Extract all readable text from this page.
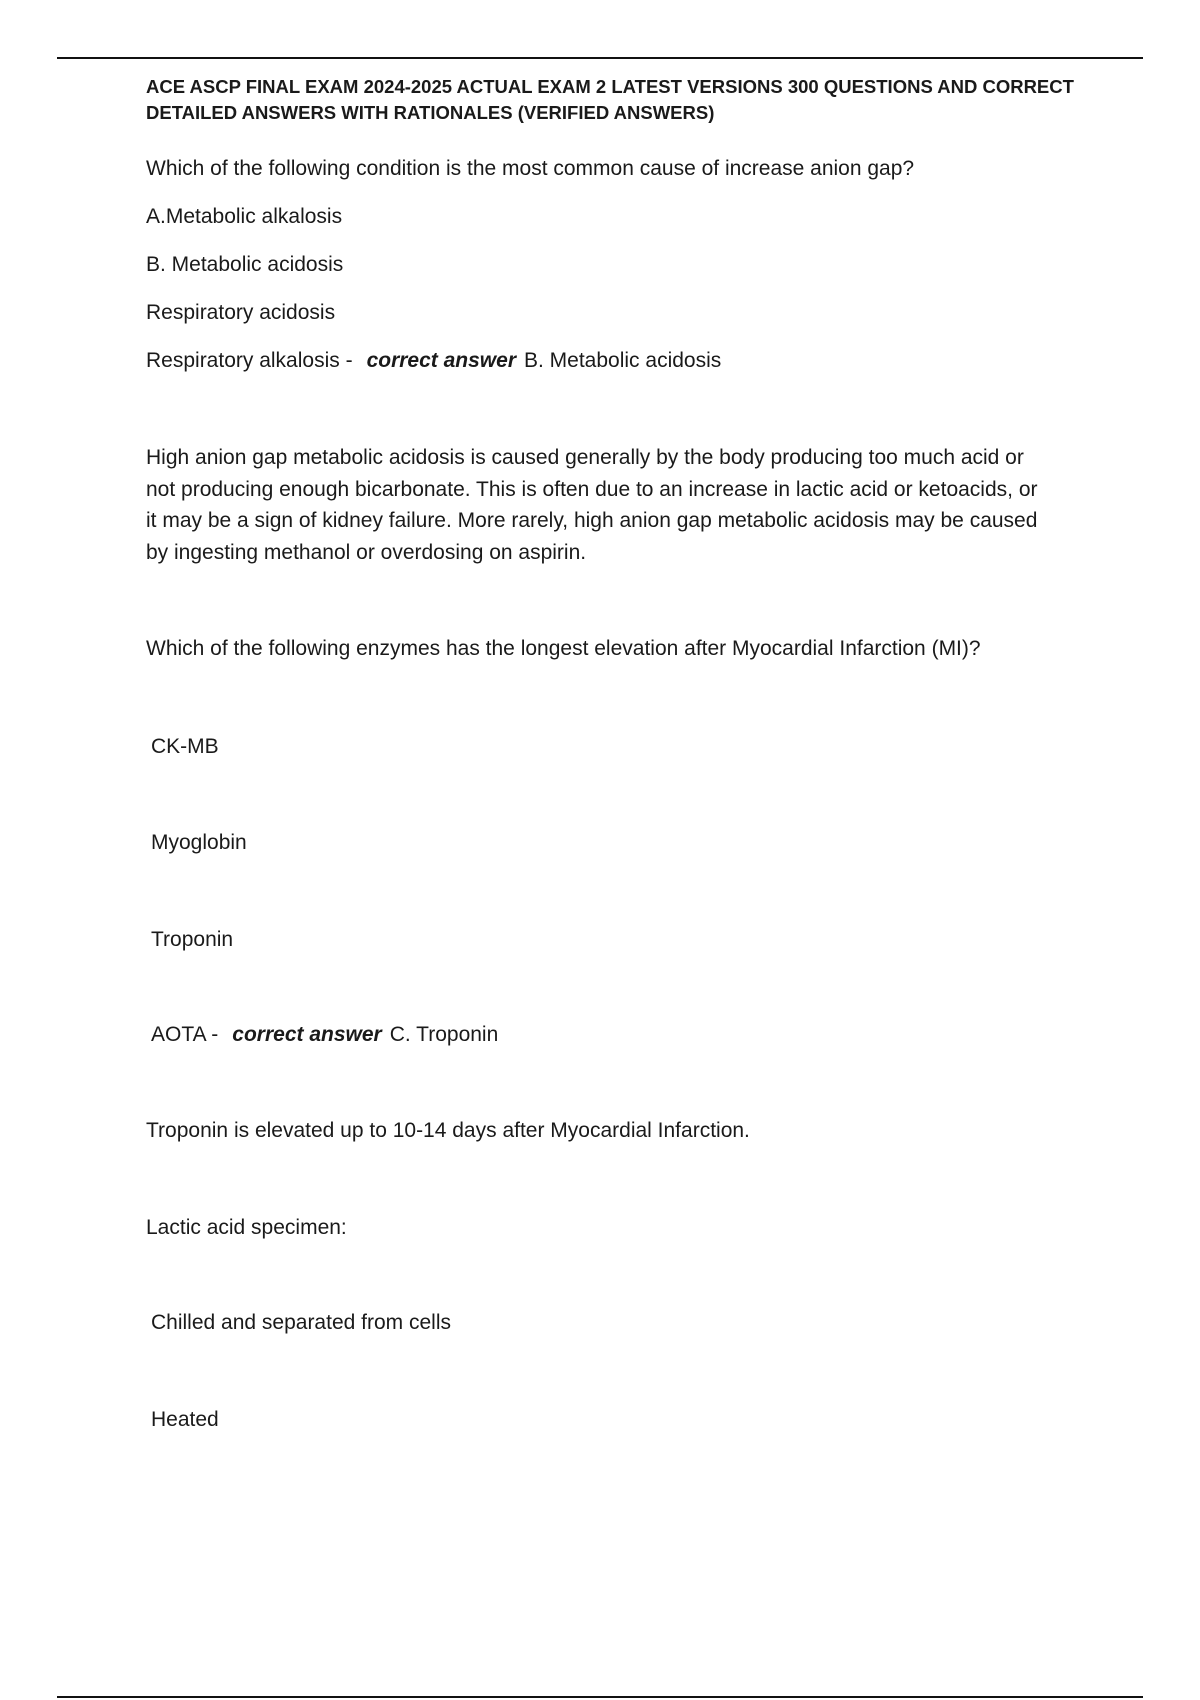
ACE ASCP FINAL EXAM 2024-2025 ACTUAL EXAM 2 LATEST VERSIONS 300 QUESTIONS AND CORRECT
DETAILED ANSWERS WITH RATIONALES (VERIFIED ANSWERS)
Which of the following condition is the most common cause of increase anion gap?
A.Metabolic alkalosis
B. Metabolic acidosis
Respiratory acidosis
Respiratory alkalosis - correct answer B. Metabolic acidosis
High anion gap metabolic acidosis is caused generally by the body producing too much acid or
not producing enough bicarbonate. This is often due to an increase in lactic acid or ketoacids, or
it may be a sign of kidney failure. More rarely, high anion gap metabolic acidosis may be caused
by ingesting methanol or overdosing on aspirin.
Which of the following enzymes has the longest elevation after Myocardial Infarction (MI)?
CK-MB
Myoglobin
Troponin
AOTA - correct answer C. Troponin
Troponin is elevated up to 10-14 days after Myocardial Infarction.
Lactic acid specimen:
Chilled and separated from cells
Heated
